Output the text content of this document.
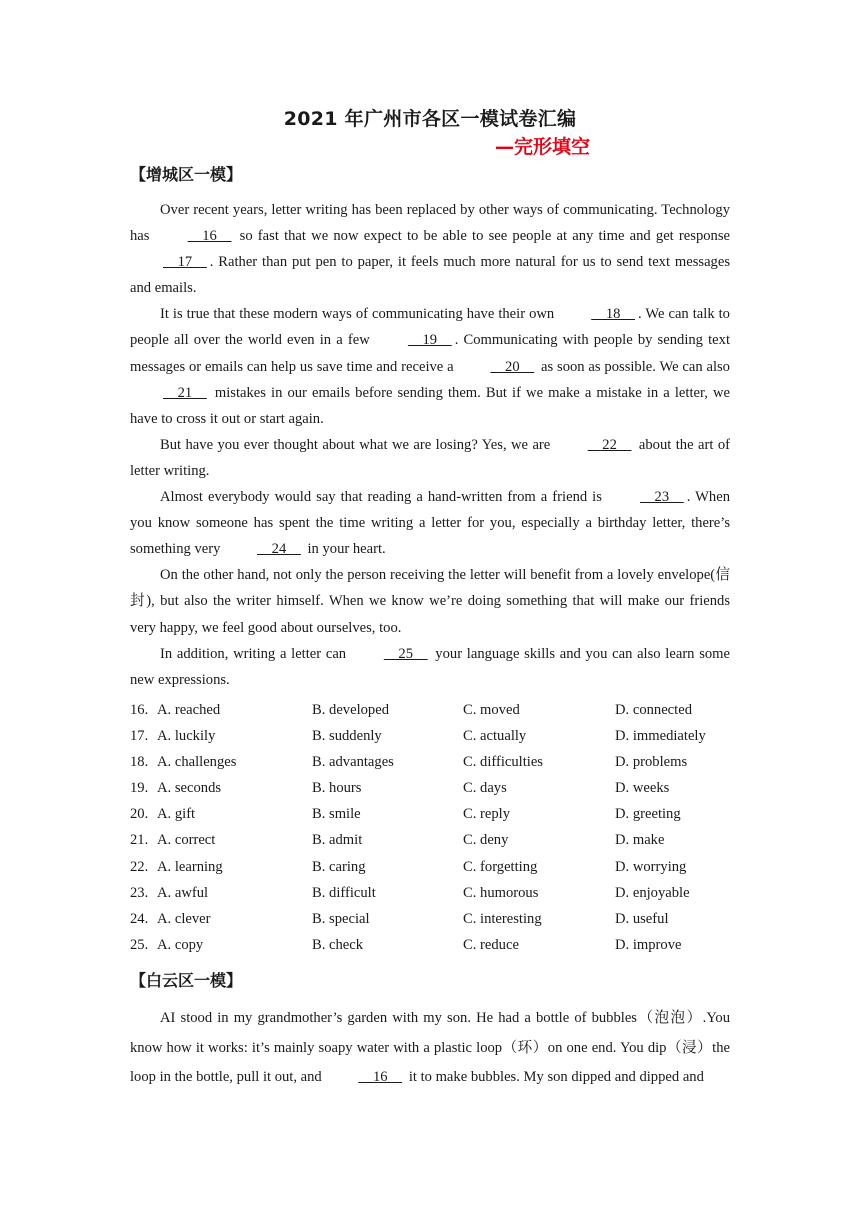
2021 年广州市各区一模试卷汇编
—完形填空
【增城区一模】

Over recent years, letter writing has been replaced by other ways of communicating. Technology has     16     so fast that we now expect to be able to see people at any time and get response     17    . Rather than put pen to paper, it feels much more natural for us to send text messages and emails.

It is true that these modern ways of communicating have their own     18    . We can talk to people all over the world even in a few     19    . Communicating with people by sending text messages or emails can help us save time and receive a     20     as soon as possible. We can also     21     mistakes in our emails before sending them. But if we make a mistake in a letter, we have to cross it out or start again.

But have you ever thought about what we are losing? Yes, we are     22     about the art of letter writing.

Almost everybody would say that reading a hand-written from a friend is     23    . When you know someone has spent the time writing a letter for you, especially a birthday letter, there’s something very     24     in your heart.

On the other hand, not only the person receiving the letter will benefit from a lovely envelope(信封), but also the writer himself. When we know we’re doing something that will make our friends very happy, we feel good about ourselves, too.

In addition, writing a letter can     25     your language skills and you can also learn some new expressions.

16. A. reached	B. developed	C. moved	D. connected
17. A. luckily	B. suddenly	C. actually	D. immediately
18. A. challenges	B. advantages	C. difficulties	D. problems
19. A. seconds	B. hours	C. days	D. weeks
20. A. gift	B. smile	C. reply	D. greeting
21. A. correct	B. admit	C. deny	D. make
22. A. learning	B. caring	C. forgetting	D. worrying
23. A. awful	B. difficult	C. humorous	D. enjoyable
24. A. clever	B. special	C. interesting	D. useful
25. A. copy	B. check	C. reduce	D. improve
【白云区一模】

AI stood in my grandmother’s garden with my son. He had a bottle of bubbles（泡泡）.You know how it works: it’s mainly soapy water with a plastic loop（环）on one end. You dip（浸）the loop in the bottle, pull it out, and     16     it to make bubbles. My son dipped and dipped and
